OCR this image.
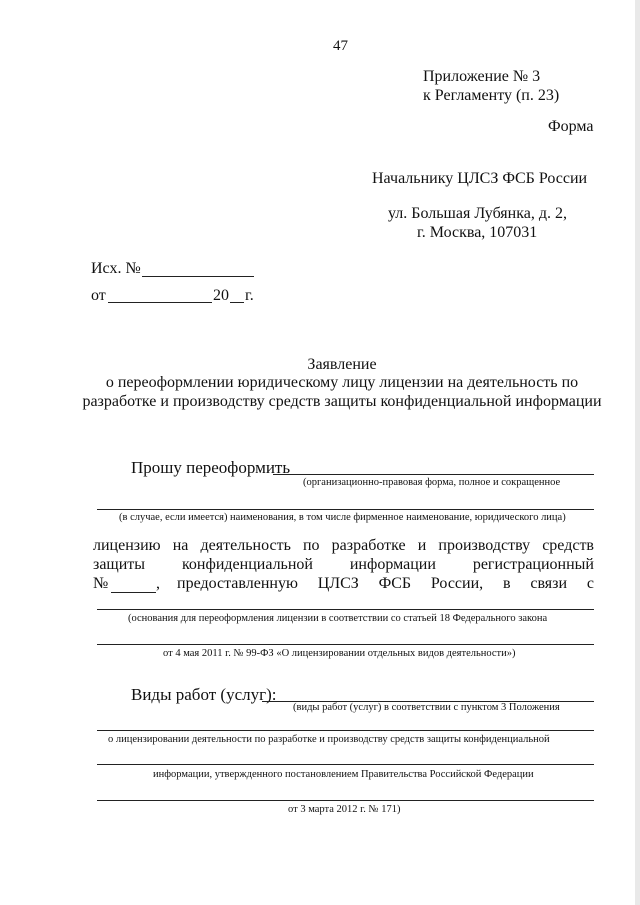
47
Приложение № 3
к Регламенту (п. 23)
Форма
Начальнику ЦЛСЗ ФСБ России
ул. Большая Лубянка, д. 2,
г. Москва, 107031
Исх. №
от	20 г.
Заявление
о переоформлении юридическому лицу лицензии на деятельность по
разработке и производству средств защиты конфиденциальной информации
Прошу переоформить
(организационно-правовая форма, полное и сокращенное
(в случае, если имеется) наименования, в том числе фирменное наименование, юридического лица)
лицензию на деятельность по разработке и производству средств
защиты конфиденциальной информации регистрационный
№	, предоставленную ЦЛСЗ ФСБ России, в связи с
(основания для переоформления лицензии в соответствии со статьей 18 Федерального закона
от 4 мая 2011 г. № 99-ФЗ «О лицензировании отдельных видов деятельности»)
Виды работ (услуг):
(виды работ (услуг) в соответствии с пунктом 3 Положения
о лицензировании деятельности по разработке и производству средств защиты конфиденциальной
информации, утвержденного постановлением Правительства Российской Федерации
от 3 марта 2012 г. № 171)
